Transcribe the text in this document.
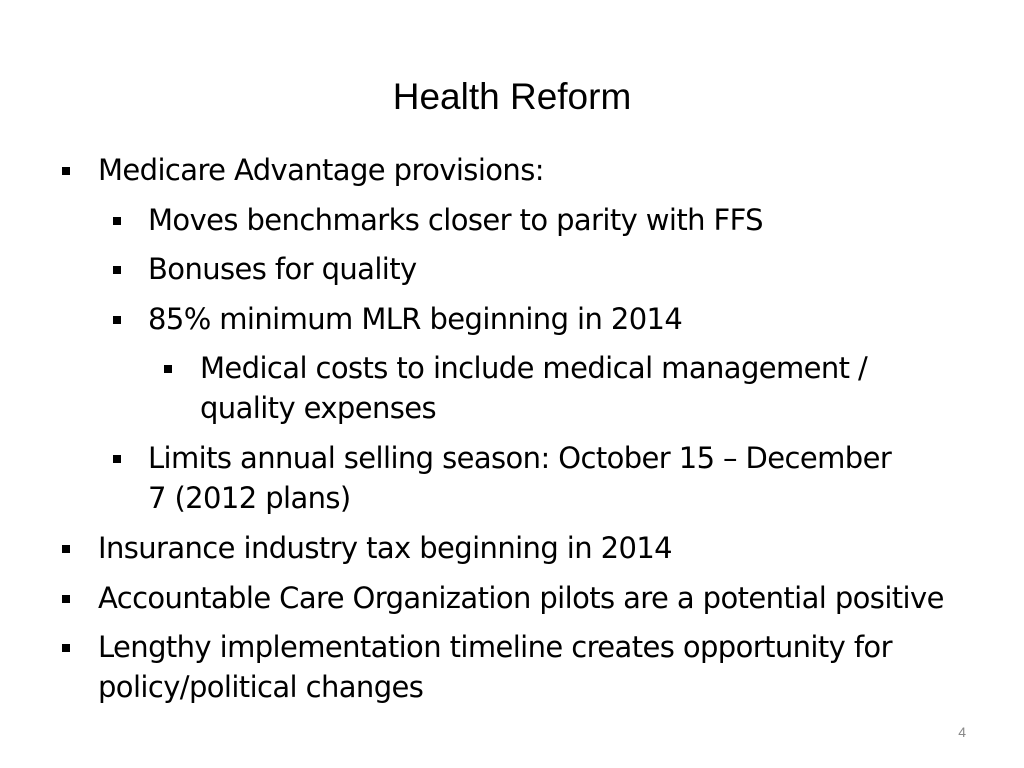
Health Reform
Medicare Advantage provisions:
Moves benchmarks closer to parity with FFS
Bonuses for quality
85% minimum MLR beginning in 2014
Medical costs to include medical management / quality expenses
Limits annual selling season: October 15 – December 7 (2012 plans)
Insurance industry tax beginning in 2014
Accountable Care Organization pilots are a potential positive
Lengthy implementation timeline creates opportunity for policy/political changes
4
